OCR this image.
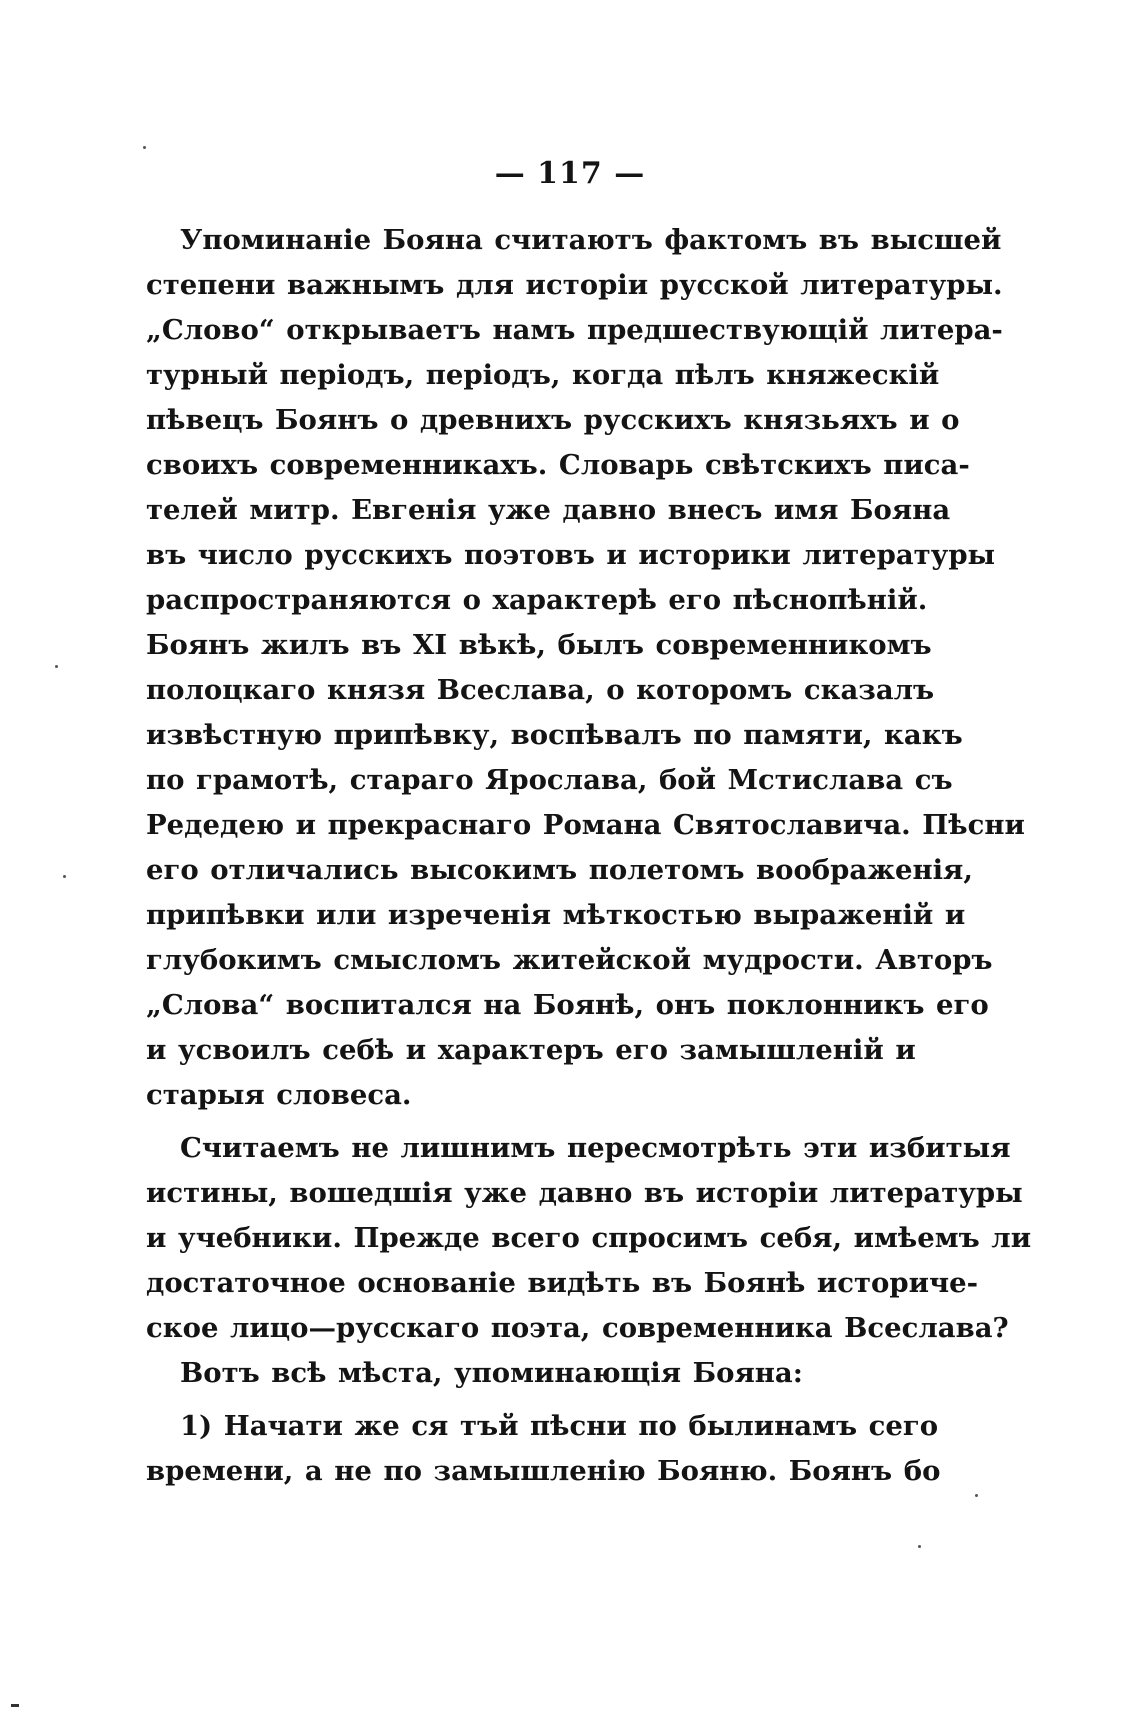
— 117 —
Упоминаніе Бояна считаютъ фактомъ въ высшей
степени важнымъ для исторіи русской литературы.
„Слово“ открываетъ намъ предшествующій литера-
турный періодъ, періодъ, когда пѣлъ княжескій
пѣвецъ Боянъ о древнихъ русскихъ князьяхъ и о
своихъ современникахъ. Словарь свѣтскихъ писа-
телей митр. Евгенія уже давно внесъ имя Бояна
въ число русскихъ поэтовъ и историки литературы
распространяются о характерѣ его пѣснопѣній.
Боянъ жилъ въ XI вѣкѣ, былъ современникомъ
полоцкаго князя Всеслава, о которомъ сказалъ
извѣстную припѣвку, воспѣвалъ по памяти, какъ
по грамотѣ, стараго Ярослава, бой Мстислава съ
Редедею и прекраснаго Романа Святославича. Пѣсни
его отличались высокимъ полетомъ воображенія,
припѣвки или изреченія мѣткостью выраженій и
глубокимъ смысломъ житейской мудрости. Авторъ
„Слова“ воспитался на Боянѣ, онъ поклонникъ его
и усвоилъ себѣ и характеръ его замышленій и
старыя словеса.
Считаемъ не лишнимъ пересмотрѣть эти избитыя
истины, вошедшія уже давно въ исторіи литературы
и учебники. Прежде всего спросимъ себя, имѣемъ ли
достаточное основаніе видѣть въ Боянѣ историче-
ское лицо—русскаго поэта, современника Всеслава?
Вотъ всѣ мѣста, упоминающія Бояна:
1) Начати же ся тъй пѣсни по былинамъ сего
времени, а не по замышленію Бояню. Боянъ бо
